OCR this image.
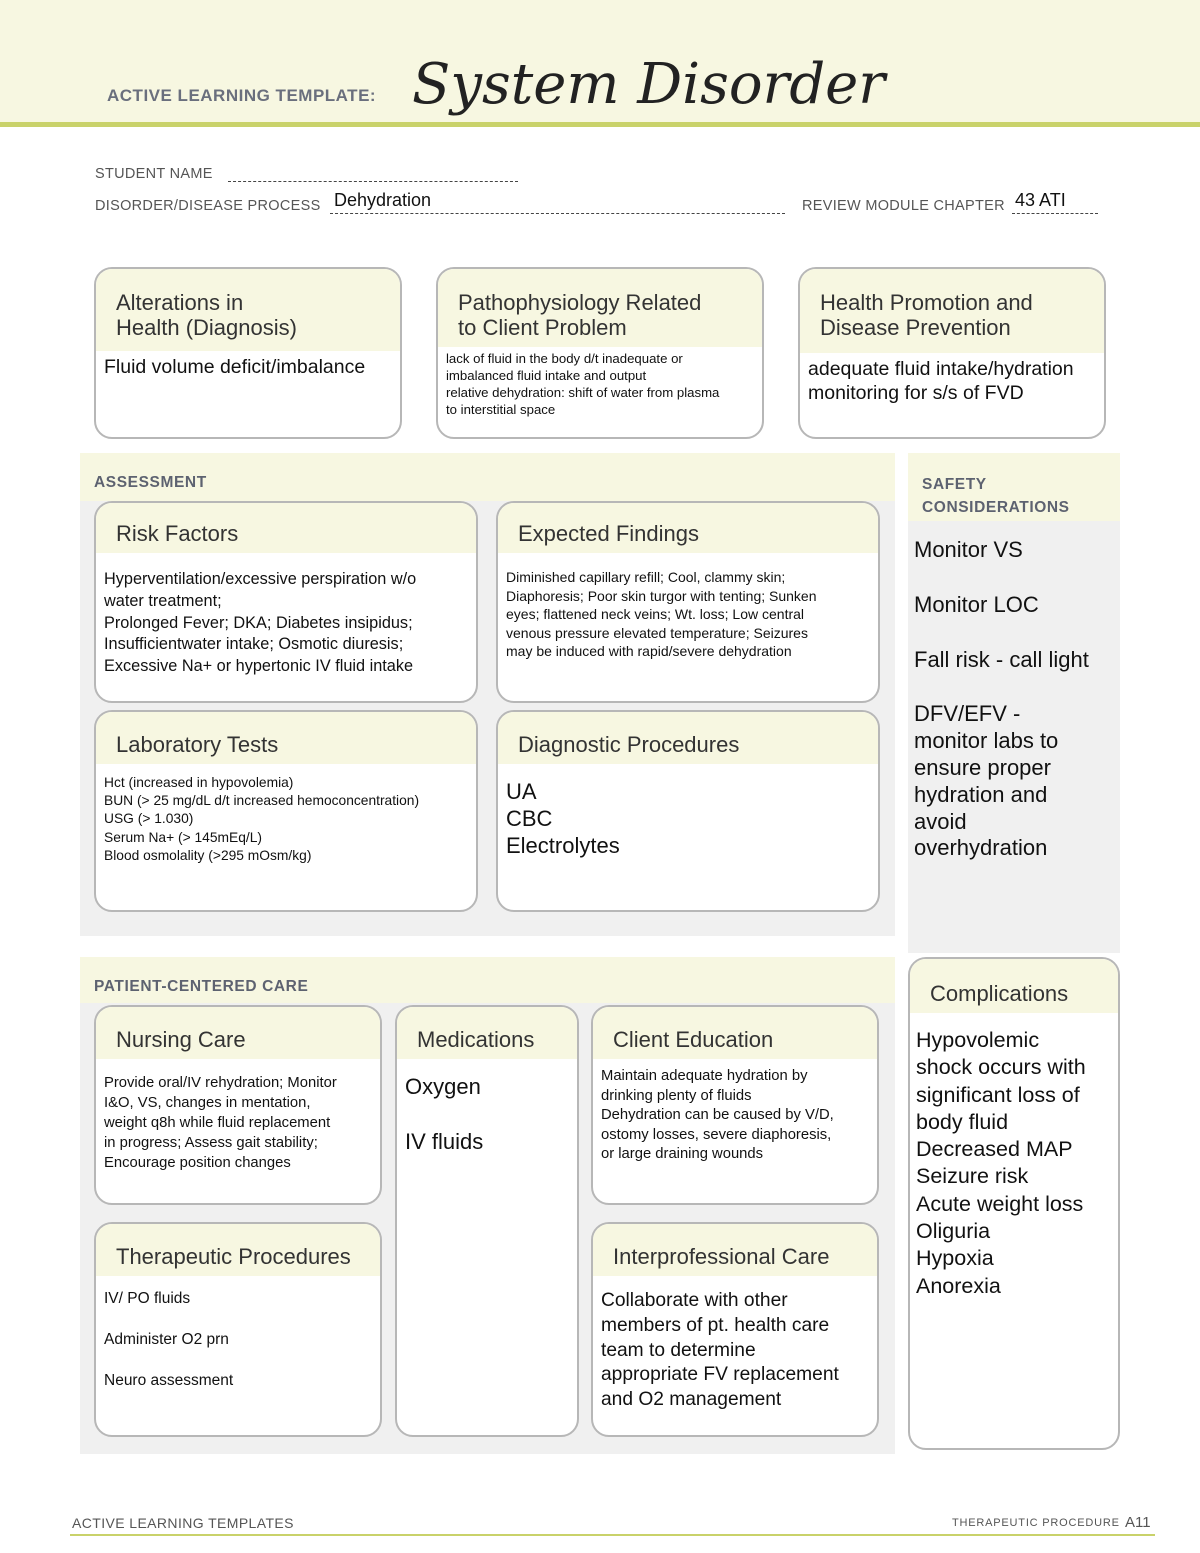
ACTIVE LEARNING TEMPLATE: System Disorder
STUDENT NAME
DISORDER/DISEASE PROCESS Dehydration	REVIEW MODULE CHAPTER 43 ATI
Alterations in
Health (Diagnosis)
Fluid volume deficit/imbalance
Pathophysiology Related
to Client Problem
lack of fluid in the body d/t inadequate or
imbalanced fluid intake and output
relative dehydration: shift of water from plasma
to interstitial space
Health Promotion and
Disease Prevention
adequate fluid intake/hydration
monitoring for s/s of FVD
ASSESSMENT
Risk Factors
Hyperventilation/excessive perspiration w/o
water treatment;
Prolonged Fever; DKA; Diabetes insipidus;
Insufficientwater intake; Osmotic diuresis;
Excessive Na+ or hypertonic IV fluid intake
Expected Findings
Diminished capillary refill; Cool, clammy skin;
Diaphoresis; Poor skin turgor with tenting; Sunken
eyes; flattened neck veins; Wt. loss; Low central
venous pressure elevated temperature; Seizures
may be induced with rapid/severe dehydration
Laboratory Tests
Hct (increased in hypovolemia)
BUN (> 25 mg/dL d/t increased hemoconcentration)
USG (> 1.030)
Serum Na+ (> 145mEq/L)
Blood osmolality (>295 mOsm/kg)
Diagnostic Procedures
UA
CBC
Electrolytes
SAFETY
CONSIDERATIONS
Monitor VS
Monitor LOC
Fall risk - call light
DFV/EFV -
monitor labs to
ensure proper
hydration and
avoid
overhydration
PATIENT-CENTERED CARE
Nursing Care
Provide oral/IV rehydration; Monitor
I&O, VS, changes in mentation,
weight q8h while fluid replacement
in progress; Assess gait stability;
Encourage position changes
Medications
Oxygen
IV fluids
Client Education
Maintain adequate hydration by
drinking plenty of fluids
Dehydration can be caused by V/D,
ostomy losses, severe diaphoresis,
or large draining wounds
Therapeutic Procedures
IV/ PO fluids
Administer O2 prn
Neuro assessment
Interprofessional Care
Collaborate with other
members of pt. health care
team to determine
appropriate FV replacement
and O2 management
Complications
Hypovolemic
shock occurs with
significant loss of
body fluid
Decreased MAP
Seizure risk
Acute weight loss
Oliguria
Hypoxia
Anorexia
ACTIVE LEARNING TEMPLATES	THERAPEUTIC PROCEDURE A11
